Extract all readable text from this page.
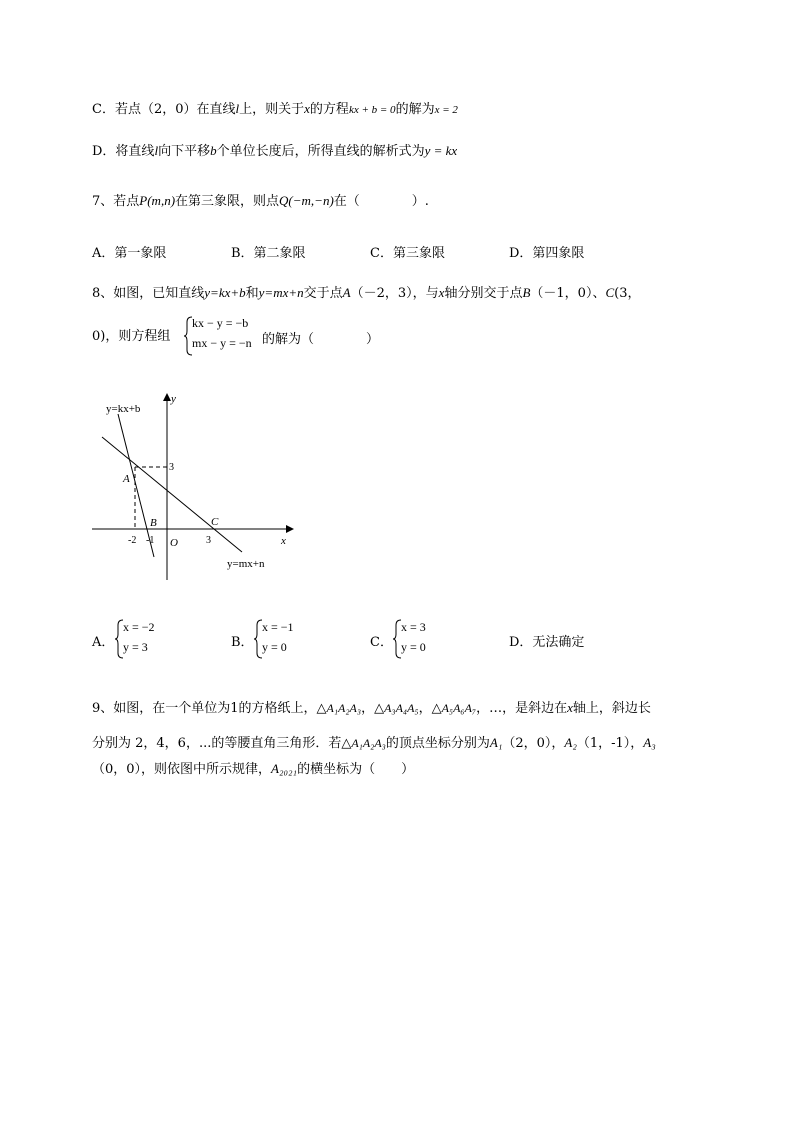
C．若点（2，0）在直线l上，则关于x的方程kx + b = 0的解为x = 2
D．将直线l向下平移b个单位长度后，所得直线的解析式为y = kx
7、若点P(m,n)在第三象限，则点Q(−m,−n)在（　　　　）.
A．第一象限	B．第二象限	C．第三象限	D．第四象限
8、如图，已知直线y=kx+b和y=mx+n交于点A（－2，3），与x轴分别交于点B（－1，0）、C(3，
0)，则方程组
kx − y = −b
mx − y = −n 的解为（　　　　）
y=kx+b
y=mx+n
y
x
A
B	C
O
-2 -1	3
3
A．
x = −2
y = 3	B．
x = −1
y = 0	C．
x = 3
y = 0	D．无法确定
9、如图，在一个单位为1的方格纸上，△A₁A₂A₃，△A₃A₄A₅，△A₅A₆A₇，…，是斜边在x轴上，斜边长
分别为 2，4，6，...的等腰直角三角形．若△A₁A₂A₃的顶点坐标分别为A₁（2，0），A₂（1，-1），A₃
（0，0），则依图中所示规律，A₂₀₂₁的横坐标为（　　）
